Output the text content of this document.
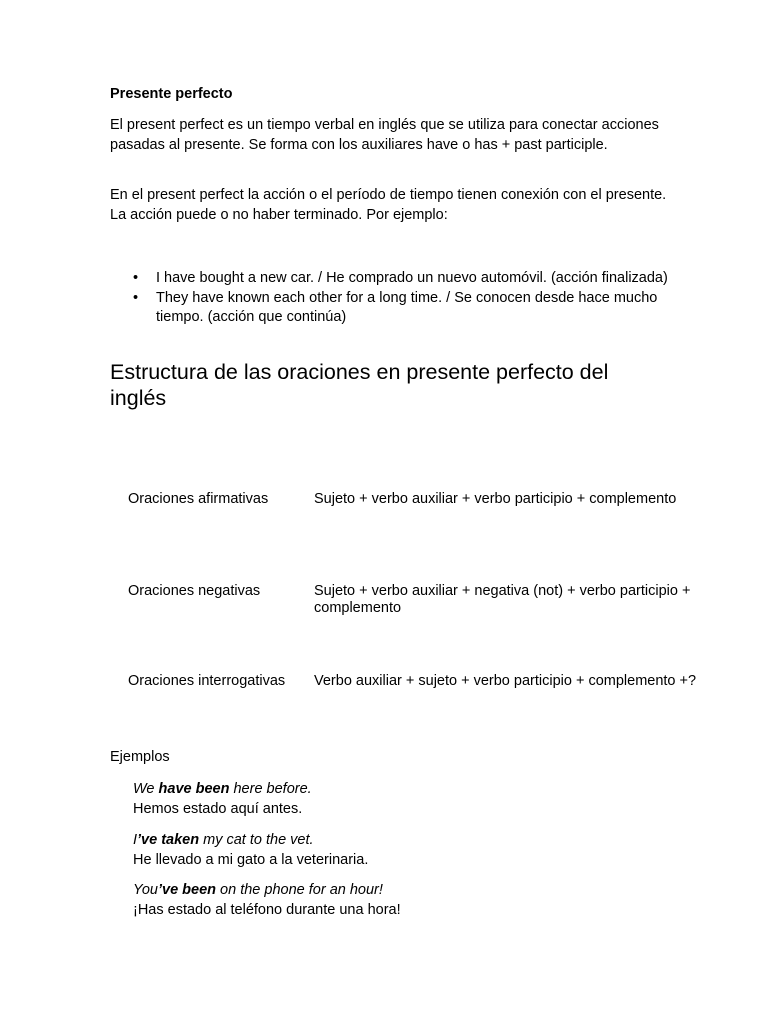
Presente perfecto

El present perfect es un tiempo verbal en inglés que se utiliza para conectar acciones pasadas al presente. Se forma con los auxiliares have o has + past participle.

En el present perfect la acción o el período de tiempo tienen conexión con el presente. La acción puede o no haber terminado. Por ejemplo:

• I have bought a new car. / He comprado un nuevo automóvil. (acción finalizada)
• They have known each other for a long time. / Se conocen desde hace mucho tiempo. (acción que continúa)
Estructura de las oraciones en presente perfecto del inglés
Oraciones afirmativas	Sujeto + verbo auxiliar + verbo participio + complemento
Oraciones negativas	Sujeto + verbo auxiliar + negativa (not) + verbo participio + complemento
Oraciones interrogativas	Verbo auxiliar + sujeto + verbo participio + complemento +?

Ejemplos

We have been here before.
Hemos estado aquí antes.
I’ve taken my cat to the vet.
He llevado a mi gato a la veterinaria.
You’ve been on the phone for an hour!
¡Has estado al teléfono durante una hora!
